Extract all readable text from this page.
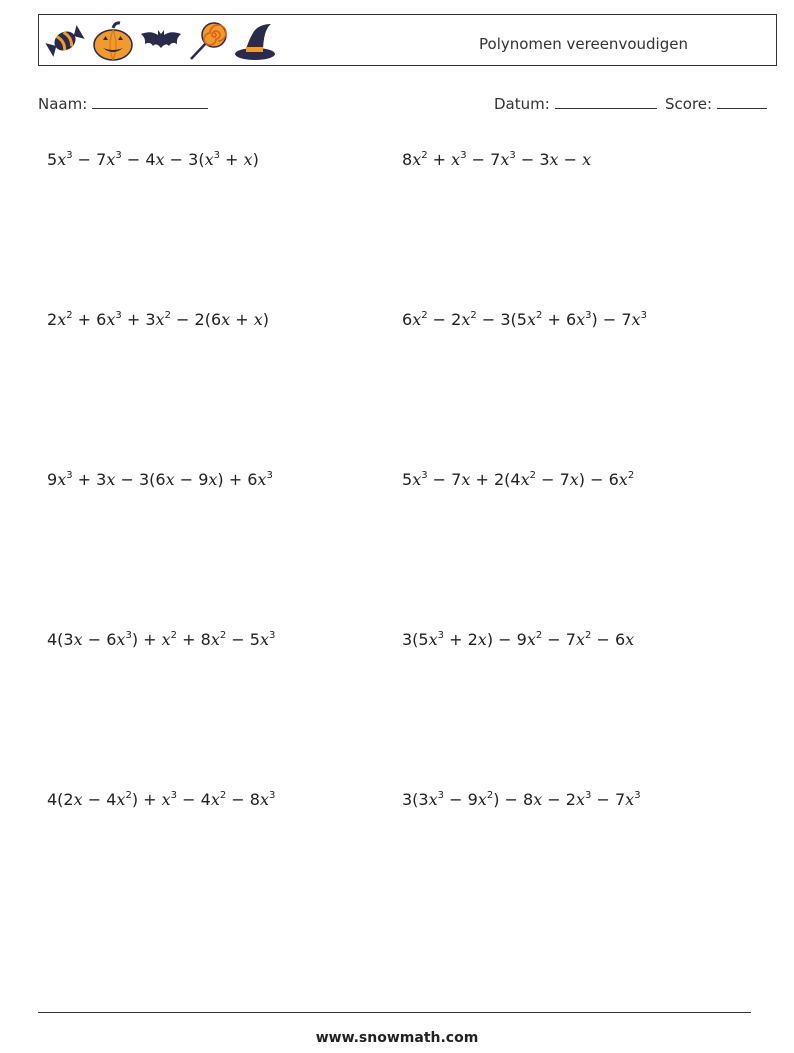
Polynomen vereenvoudigen
Naam:	Datum:	Score:
$5x^3 - 7x^3 - 4x - 3(x^3 + x)$	$8x^2 + x^3 - 7x^3 - 3x - x$
$2x^2 + 6x^3 + 3x^2 - 2(6x + x)$	$6x^2 - 2x^2 - 3(5x^2 + 6x^3) - 7x^3$
$9x^3 + 3x - 3(6x - 9x) + 6x^3$	$5x^3 - 7x + 2(4x^2 - 7x) - 6x^2$
$4(3x - 6x^3) + x^2 + 8x^2 - 5x^3$	$3(5x^3 + 2x) - 9x^2 - 7x^2 - 6x$
$4(2x - 4x^2) + x^3 - 4x^2 - 8x^3$	$3(3x^3 - 9x^2) - 8x - 2x^3 - 7x^3$
www.snowmath.com
